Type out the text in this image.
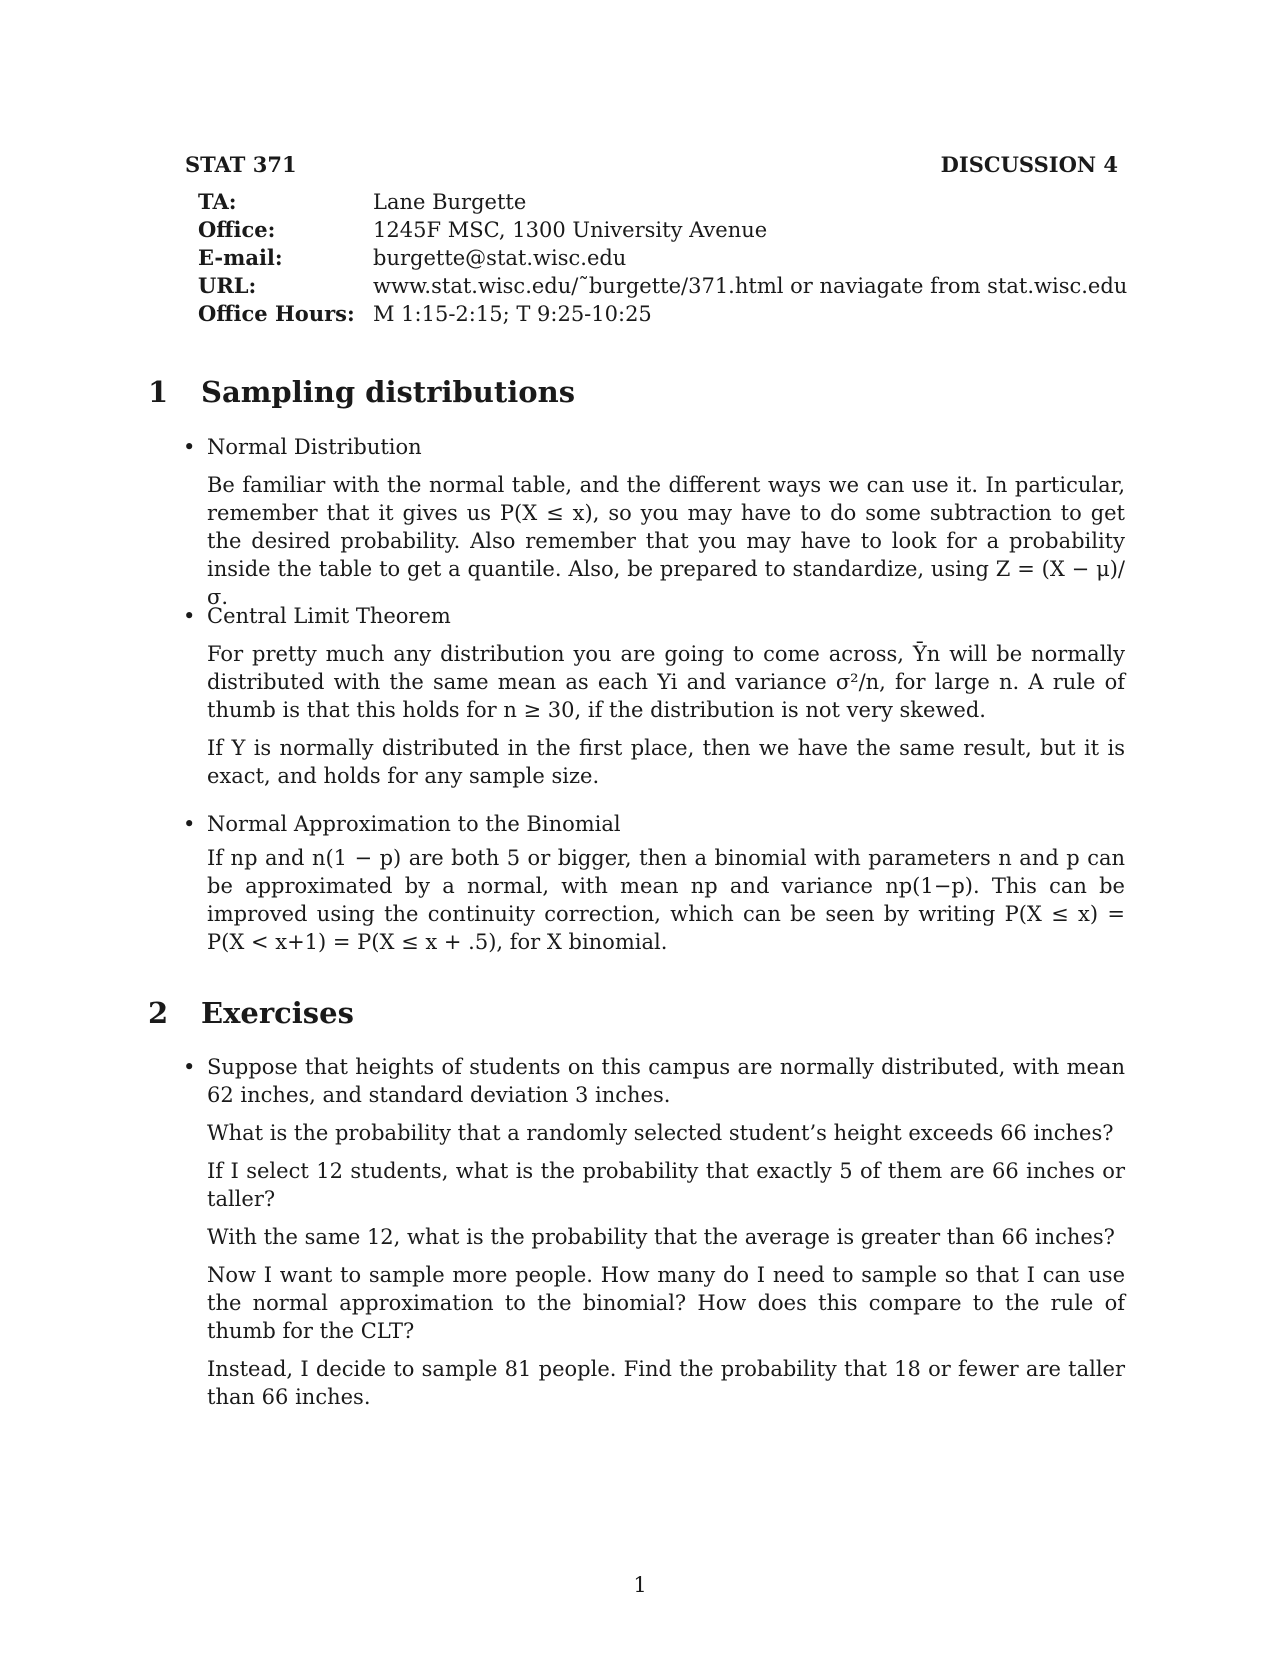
STAT 371	DISCUSSION 4
TA:	Lane Burgette
Office:	1245F MSC, 1300 University Avenue
E-mail:	burgette@stat.wisc.edu
URL:	www.stat.wisc.edu/˜burgette/371.html or naviagate from stat.wisc.edu
Office Hours: M 1:15-2:15; T 9:25-10:25
1	Sampling distributions
• Normal Distribution
Be familiar with the normal table, and the different ways we can use it. In particular, remember that it gives us P(X ≤ x), so you may have to do some subtraction to get the desired probability. Also remember that you may have to look for a probability inside the table to get a quantile. Also, be prepared to standardize, using Z = (X − μ)/σ.
• Central Limit Theorem
For pretty much any distribution you are going to come across, Ȳn will be normally distributed with the same mean as each Yi and variance σ²/n, for large n. A rule of thumb is that this holds for n ≥ 30, if the distribution is not very skewed.
If Y is normally distributed in the first place, then we have the same result, but it is exact, and holds for any sample size.
• Normal Approximation to the Binomial
If np and n(1 − p) are both 5 or bigger, then a binomial with parameters n and p can be approximated by a normal, with mean np and variance np(1−p). This can be improved using the continuity correction, which can be seen by writing P(X ≤ x) = P(X < x+1) = P(X ≤ x + .5), for X binomial.
2	Exercises
• Suppose that heights of students on this campus are normally distributed, with mean 62 inches, and standard deviation 3 inches.
What is the probability that a randomly selected student’s height exceeds 66 inches?
If I select 12 students, what is the probability that exactly 5 of them are 66 inches or taller?
With the same 12, what is the probability that the average is greater than 66 inches?
Now I want to sample more people. How many do I need to sample so that I can use the normal approximation to the binomial? How does this compare to the rule of thumb for the CLT?
Instead, I decide to sample 81 people. Find the probability that 18 or fewer are taller than 66 inches.
1
